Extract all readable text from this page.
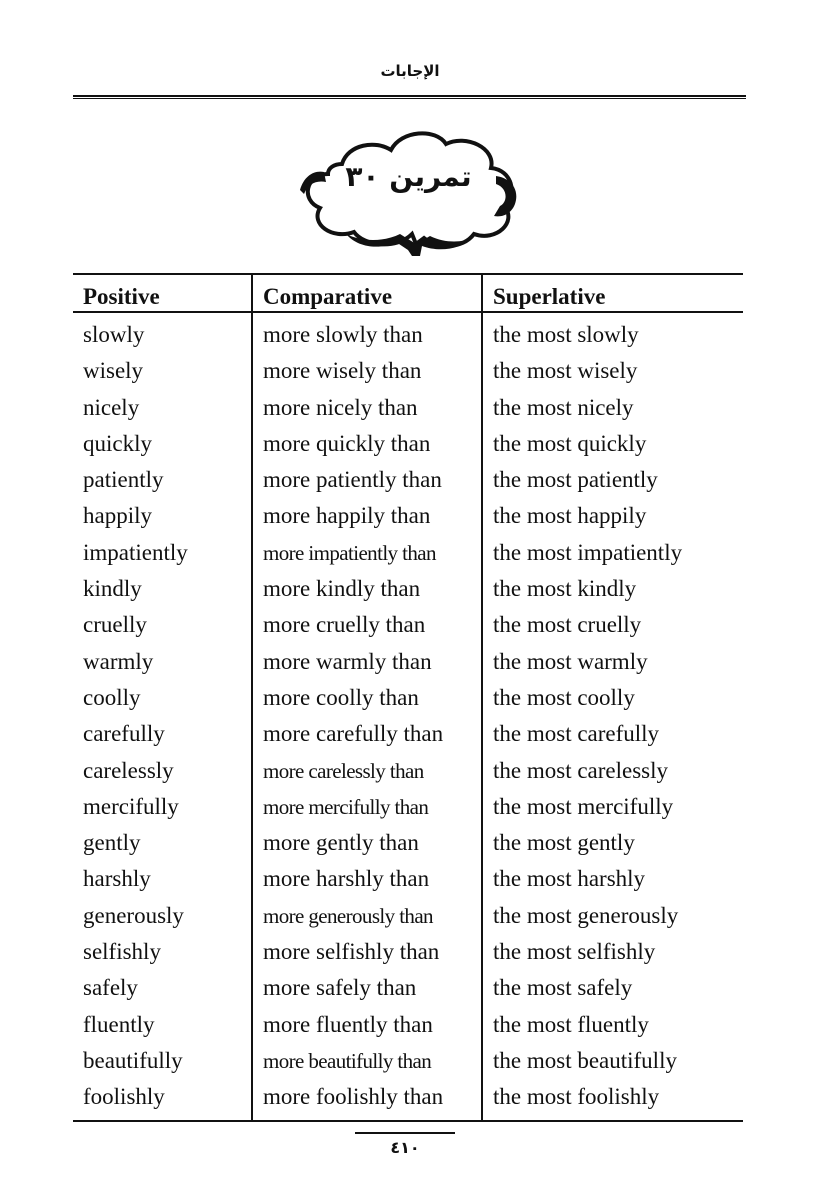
الإجابات
تمرين ٣٠
Positive	Comparative	Superlative
slowly
wisely
nicely
quickly
patiently
happily
impatiently
kindly
cruelly
warmly
coolly
carefully
carelessly
mercifully
gently
harshly
generously
selfishly
safely
fluently
beautifully
foolishly
more slowly than
more wisely than
more nicely than
more quickly than
more patiently than
more happily than
more impatiently than
more kindly than
more cruelly than
more warmly than
more coolly than
more carefully than
more carelessly than
more mercifully than
more gently than
more harshly than
more generously than
more selfishly than
more safely than
more fluently than
more beautifully than
more foolishly than
the most slowly
the most wisely
the most nicely
the most quickly
the most patiently
the most happily
the most impatiently
the most kindly
the most cruelly
the most warmly
the most coolly
the most carefully
the most carelessly
the most mercifully
the most gently
the most harshly
the most generously
the most selfishly
the most safely
the most fluently
the most beautifully
the most foolishly
٤١٠
